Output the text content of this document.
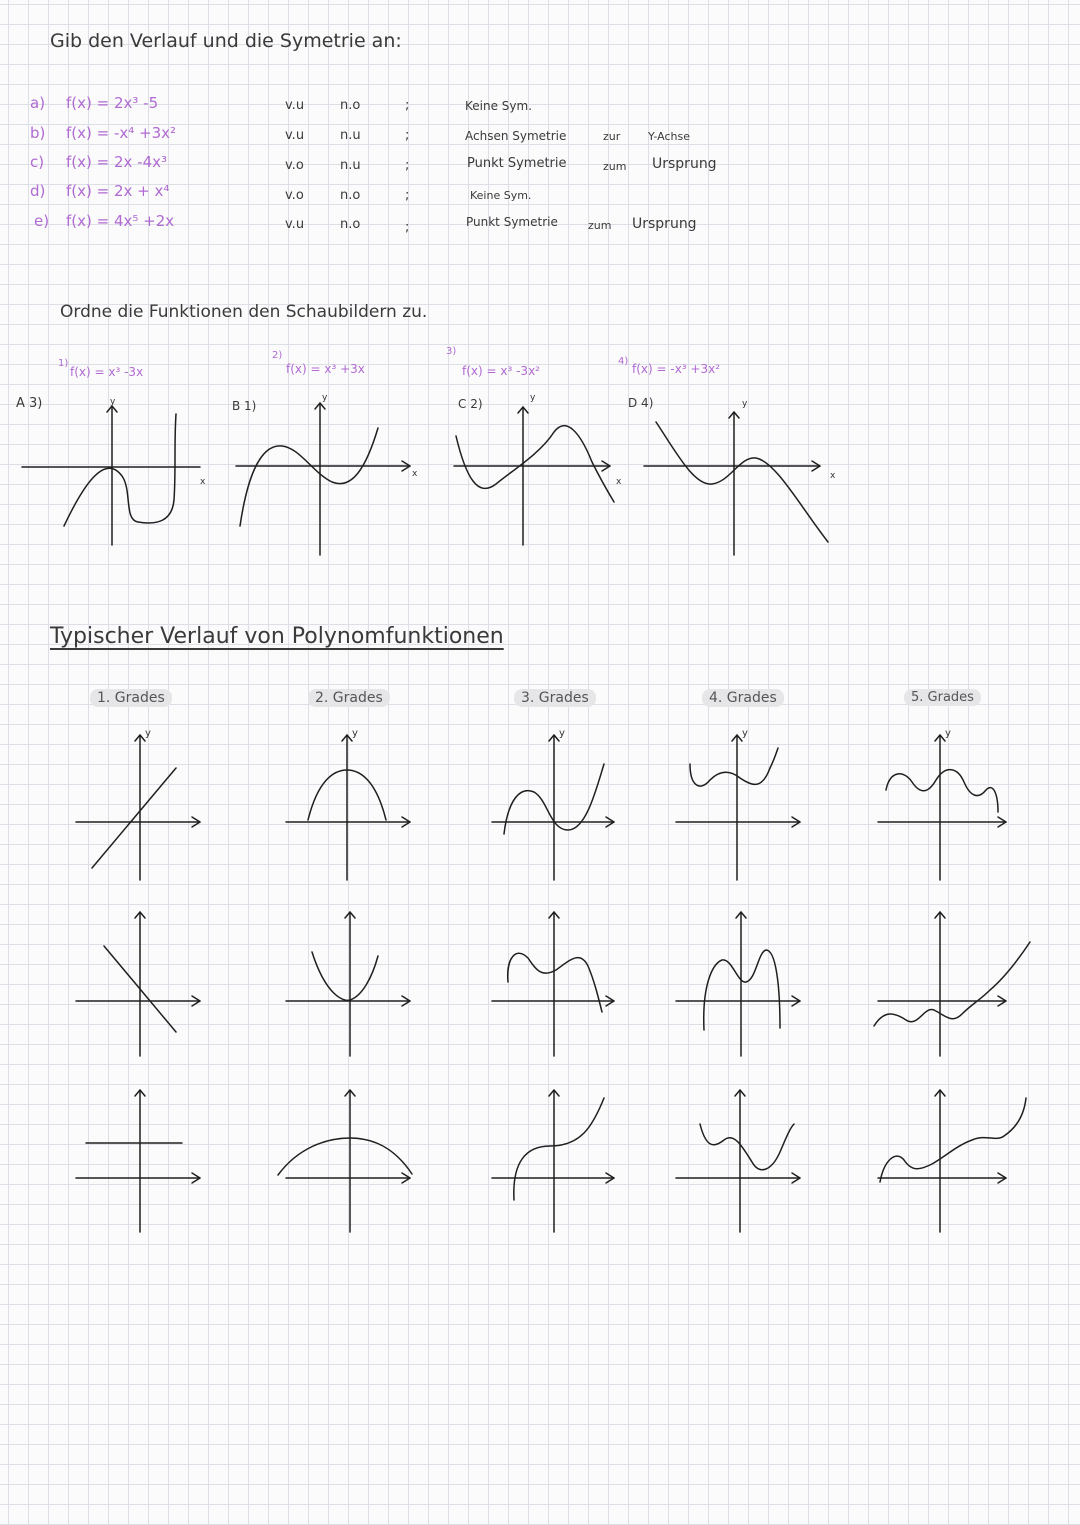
Gib den Verlauf und die Symetrie an:
a) f(x) = 2x³ -5	v.u	n.o	;	Keine Sym.
b) f(x) = -x⁴ +3x²	v.u	n.u	;	Achsen Symetrie	zur	Y-Achse
c) f(x) = 2x -4x³	v.o	n.u	;	Punkt Symetrie	zum Ursprung
d) f(x) = 2x + x⁴	v.o	n.o	;	Keine Sym.
e) f(x) = 4x⁵ +2x	v.u	n.o	;	Punkt Symetrie	zum Ursprung
Ordne die Funktionen den Schaubildern zu.
1)
f(x) = x³ -3x
2)
f(x) = x³ +3x
3)
f(x) = x³ -3x²
4)
f(x) = -x³ +3x²
A 3)	B 1)	C 2)	D 4)
y
x
y
x
y
x
y
x
Typischer Verlauf von Polynomfunktionen
1. Grades	2. Grades	3. Grades	4. Grades	5. Grades
y	y	y	y	y
